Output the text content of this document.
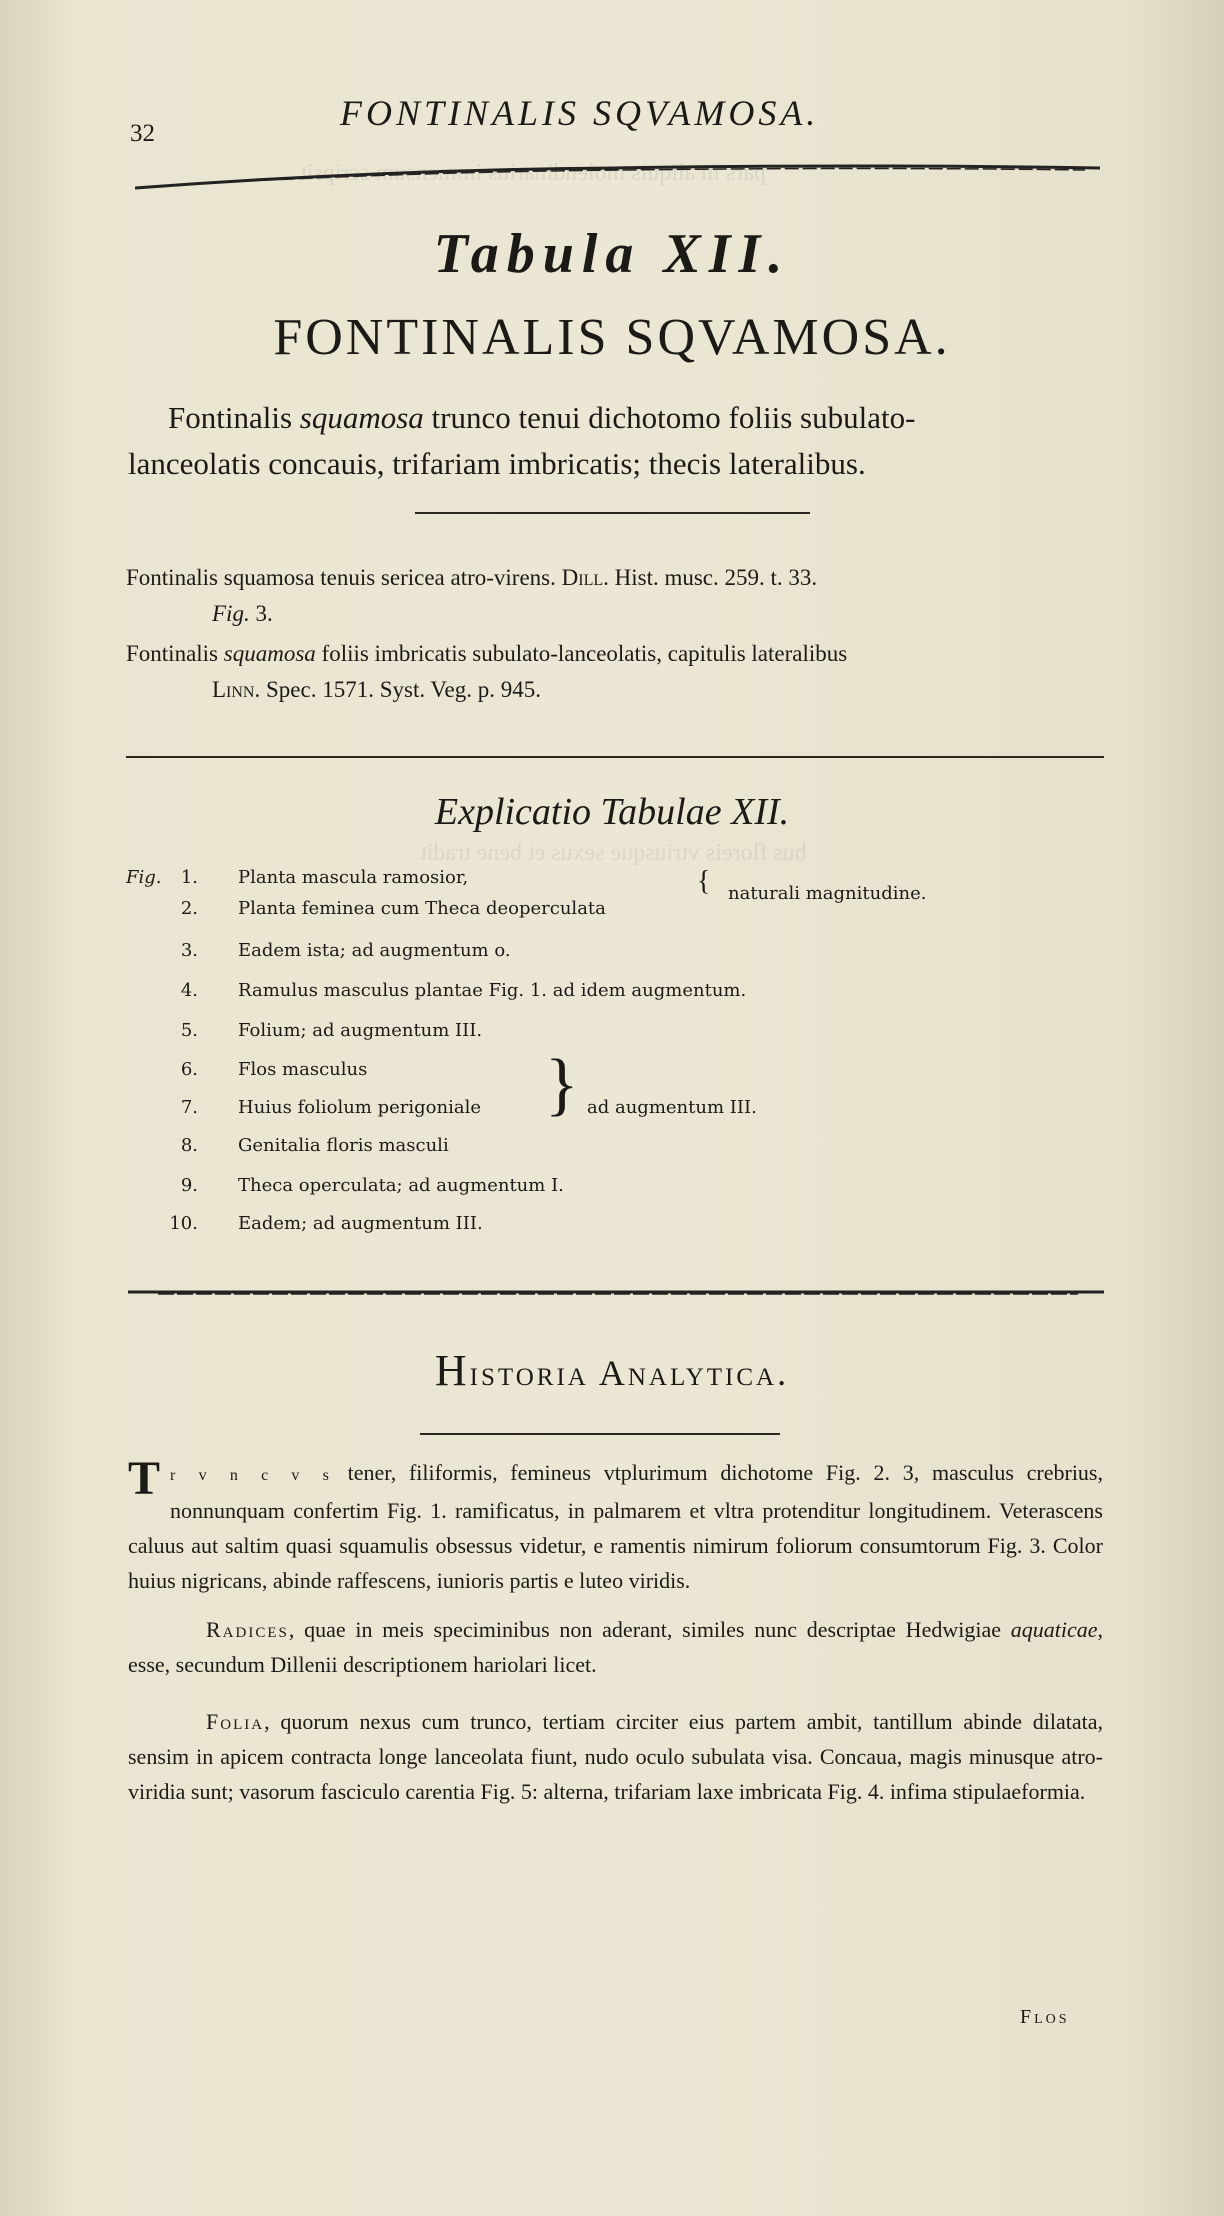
pars in aliquis molendinarius immensum scripsit
bus floreis vtriusque sexus et bene tradit
32
FONTINALIS SQVAMOSA.
Tabula XII.
FONTINALIS SQVAMOSA.

Fontinalis squamosa trunco tenui dichotomo foliis subulato-

lanceolatis concauis, trifariam imbricatis; thecis lateralibus.

Fontinalis squamosa tenuis sericea atro-virens. Dill. Hist. musc. 259. t. 33.

Fig. 3.

Fontinalis squamosa foliis imbricatis subulato-lanceolatis, capitulis lateralibus

Linn. Spec. 1571. Syst. Veg. p. 945.

Explicatio Tabulae XII.
Fig.	1. Planta mascula ramosior,
2. Planta feminea cum Theca deoperculata
3. Eadem ista; ad augmentum o.
4. Ramulus masculus plantae Fig. 1. ad idem augmentum.
5. Folium; ad augmentum III.
6. Flos masculus
7. Huius foliolum perigoniale
8. Genitalia floris masculi
9. Theca operculata; ad augmentum I.
10. Eadem; ad augmentum III.
{ naturali magnitudine.
} ad augmentum III.
Historia Analytica.

Tr v n c v s tener, filiformis, femineus vtplurimum dichotome Fig. 2. 3, masculus crebrius, nonnunquam confertim Fig. 1. ramificatus, in palmarem et vltra protenditur longitudinem. Veterascens caluus aut saltim quasi squamulis obsessus videtur, e ramentis nimirum foliorum consumtorum Fig. 3. Color huius nigricans, abinde raffescens, iunioris partis e luteo viridis.

Radices, quae in meis speciminibus non aderant, similes nunc descriptae Hedwigiae aquaticae, esse, secundum Dillenii descriptionem hariolari licet.

Folia, quorum nexus cum trunco, tertiam circiter eius partem ambit, tantillum abinde dilatata, sensim in apicem contracta longe lanceolata fiunt, nudo oculo subulata visa. Concaua, magis minusque atro-viridia sunt; vasorum fasciculo carentia Fig. 5: alterna, trifariam laxe imbricata Fig. 4. infima stipulaeformia.

Flos
